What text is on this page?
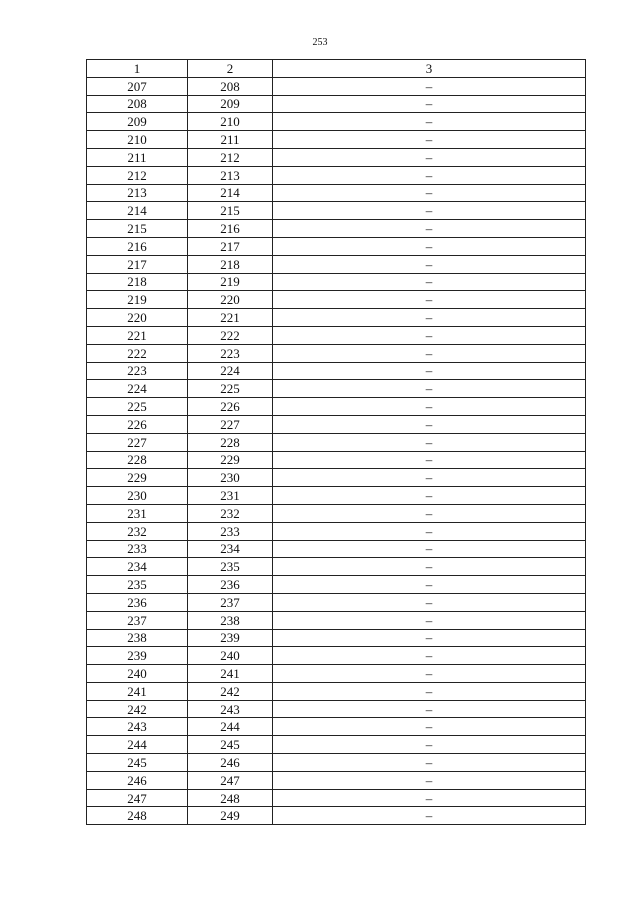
253
1	2	3
207	208	–
208	209	–
209	210	–
210	211	–
211	212	–
212	213	–
213	214	–
214	215	–
215	216	–
216	217	–
217	218	–
218	219	–
219	220	–
220	221	–
221	222	–
222	223	–
223	224	–
224	225	–
225	226	–
226	227	–
227	228	–
228	229	–
229	230	–
230	231	–
231	232	–
232	233	–
233	234	–
234	235	–
235	236	–
236	237	–
237	238	–
238	239	–
239	240	–
240	241	–
241	242	–
242	243	–
243	244	–
244	245	–
245	246	–
246	247	–
247	248	–
248	249	–
